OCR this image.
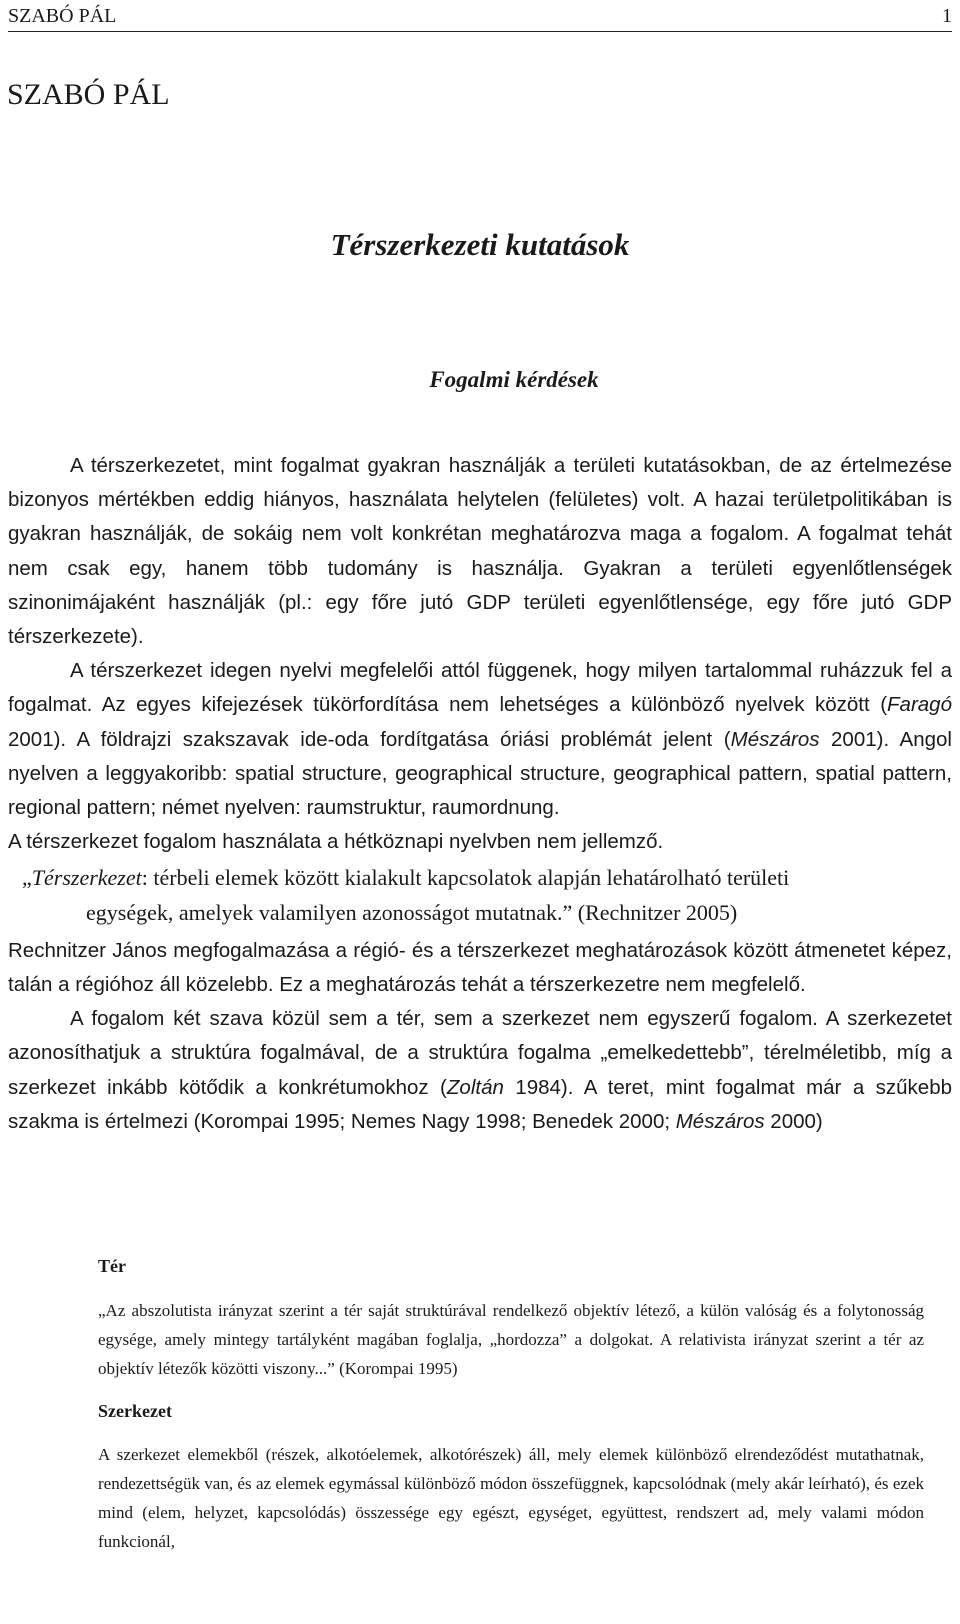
SZABÓ PÁL	1
SZABÓ PÁL
Térszerkezeti kutatások
Fogalmi kérdések

A térszerkezetet, mint fogalmat gyakran használják a területi kutatásokban, de az értelmezése bizonyos mértékben eddig hiányos, használata helytelen (felületes) volt. A hazai területpolitikában is gyakran használják, de sokáig nem volt konkrétan meghatározva maga a fogalom. A fogalmat tehát nem csak egy, hanem több tudomány is használja. Gyakran a területi egyenlőtlenségek szinonimájaként használják (pl.: egy főre jutó GDP területi egyenlőtlensége, egy főre jutó GDP térszerkezete).

A térszerkezet idegen nyelvi megfelelői attól függenek, hogy milyen tartalommal ruházzuk fel a fogalmat. Az egyes kifejezések tükörfordítása nem lehetséges a különböző nyelvek között (Faragó 2001). A földrajzi szakszavak ide-oda fordítgatása óriási problémát jelent (Mészáros 2001). Angol nyelven a leggyakoribb: spatial structure, geographical structure, geographical pattern, spatial pattern, regional pattern; német nyelven: raumstruktur, raumordnung.

A térszerkezet fogalom használata a hétköznapi nyelvben nem jellemző.

„Térszerkezet: térbeli elemek között kialakult kapcsolatok alapján lehatárolható területi
egységek, amelyek valamilyen azonosságot mutatnak.” (Rechnitzer 2005)

Rechnitzer János megfogalmazása a régió- és a térszerkezet meghatározások között átmenetet képez, talán a régióhoz áll közelebb. Ez a meghatározás tehát a térszerkezetre nem megfelelő.

A fogalom két szava közül sem a tér, sem a szerkezet nem egyszerű fogalom. A szerkezetet azonosíthatjuk a struktúra fogalmával, de a struktúra fogalma „emelkedettebb”, térelméletibb, míg a szerkezet inkább kötődik a konkrétumokhoz (Zoltán 1984). A teret, mint fogalmat már a szűkebb szakma is értelmezi (Korompai 1995; Nemes Nagy 1998; Benedek 2000; Mészáros 2000)

Tér

„Az abszolutista irányzat szerint a tér saját struktúrával rendelkező objektív létező, a külön valóság és a folytonosság egysége, amely mintegy tartályként magában foglalja, „hordozza” a dolgokat. A relativista irányzat szerint a tér az objektív létezők közötti viszony...” (Korompai 1995)

Szerkezet

A szerkezet elemekből (részek, alkotóelemek, alkotórészek) áll, mely elemek különböző elrendeződést mutathatnak, rendezettségük van, és az elemek egymással különböző módon összefüggnek, kapcsolódnak (mely akár leírható), és ezek mind (elem, helyzet, kapcsolódás) összessége egy egészt, egységet, együttest, rendszert ad, mely valami módon funkcionál,
